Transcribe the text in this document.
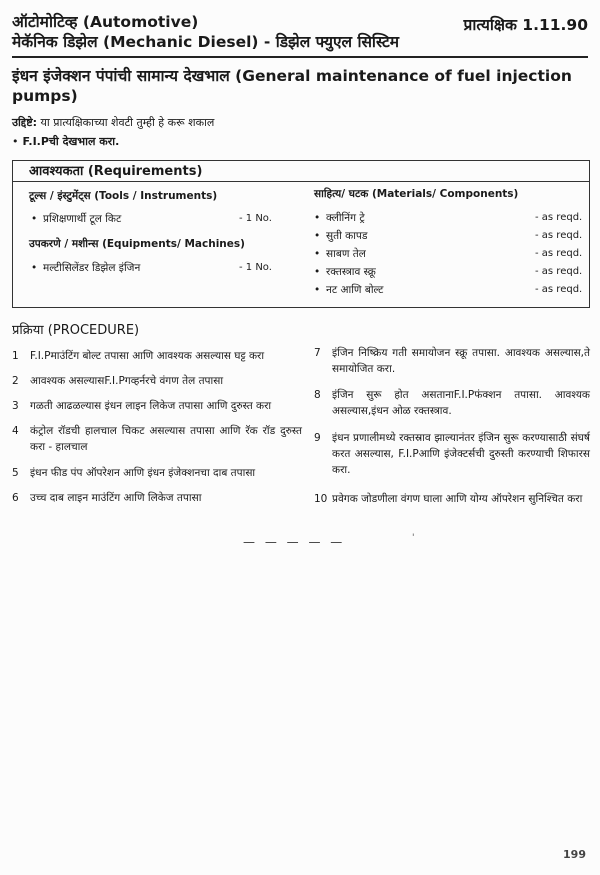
ऑटोमोटिव्ह (Automotive)
मेकॅनिक डिझेल (Mechanic Diesel) - डिझेल फ्युएल सिस्टिम
प्रात्यक्षिक 1.11.90
इंधन इंजेक्शन पंपांची सामान्य देखभाल (General maintenance of fuel injection pumps)
उद्दिष्टे: या प्रात्यक्षिकाच्या शेवटी तुम्ही हे करू शकाल
• F.I.Pची देखभाल करा.
आवश्यकता (Requirements)
टूल्स / इंस्टुमेंट्स (Tools / Instruments)
• प्रशिक्षणार्थी टूल किट	- 1 No.
उपकरणे / मशीन्स (Equipments/ Machines)
• मल्टीसिलेंडर डिझेल इंजिन	- 1 No.
साहित्य/ घटक (Materials/ Components)
• क्लीनिंग ट्रे	- as reqd.
• सुती कापड	- as reqd.
• साबण तेल	- as reqd.
• रक्तस्त्राव स्क्रू	- as reqd.
• नट आणि बोल्ट	- as reqd.
प्रक्रिया (PROCEDURE)
1	F.I.Pमाउंटिंग बोल्ट तपासा आणि आवश्यक असल्यास घट्ट करा
2	आवश्यक असल्यासF.I.Pगव्हर्नरचे वंगण तेल तपासा
3	गळती आढळल्यास इंधन लाइन लिकेज तपासा आणि दुरुस्त करा
4	कंट्रोल रॉडची हालचाल चिकट असल्यास तपासा आणि रॅक रॉड दुरुस्त करा - हालचाल
5	इंधन फीड पंप ऑपरेशन आणि इंधन इंजेक्शनचा दाब तपासा
6	उच्च दाब लाइन माउंटिंग आणि लिकेज तपासा
7	इंजिन निष्क्रिय गती समायोजन स्क्रू तपासा. आवश्यक असल्यास,ते समायोजित करा.
8	इंजिन सुरू होत असतानाF.I.Pफंक्शन तपासा. आवश्यक असल्यास,इंधन ओळ रक्तस्त्राव.
9	इंधन प्रणालीमध्ये रक्तस्राव झाल्यानंतर इंजिन सुरू करण्यासाठी संघर्ष करत असल्यास, F.I.Pआणि इंजेक्टर्सची दुरुस्ती करण्याची शिफारस करा.
10 प्रवेगक जोडणीला वंगण घाला आणि योग्य ऑपरेशन सुनिश्चित करा
— — — — —	'
199
